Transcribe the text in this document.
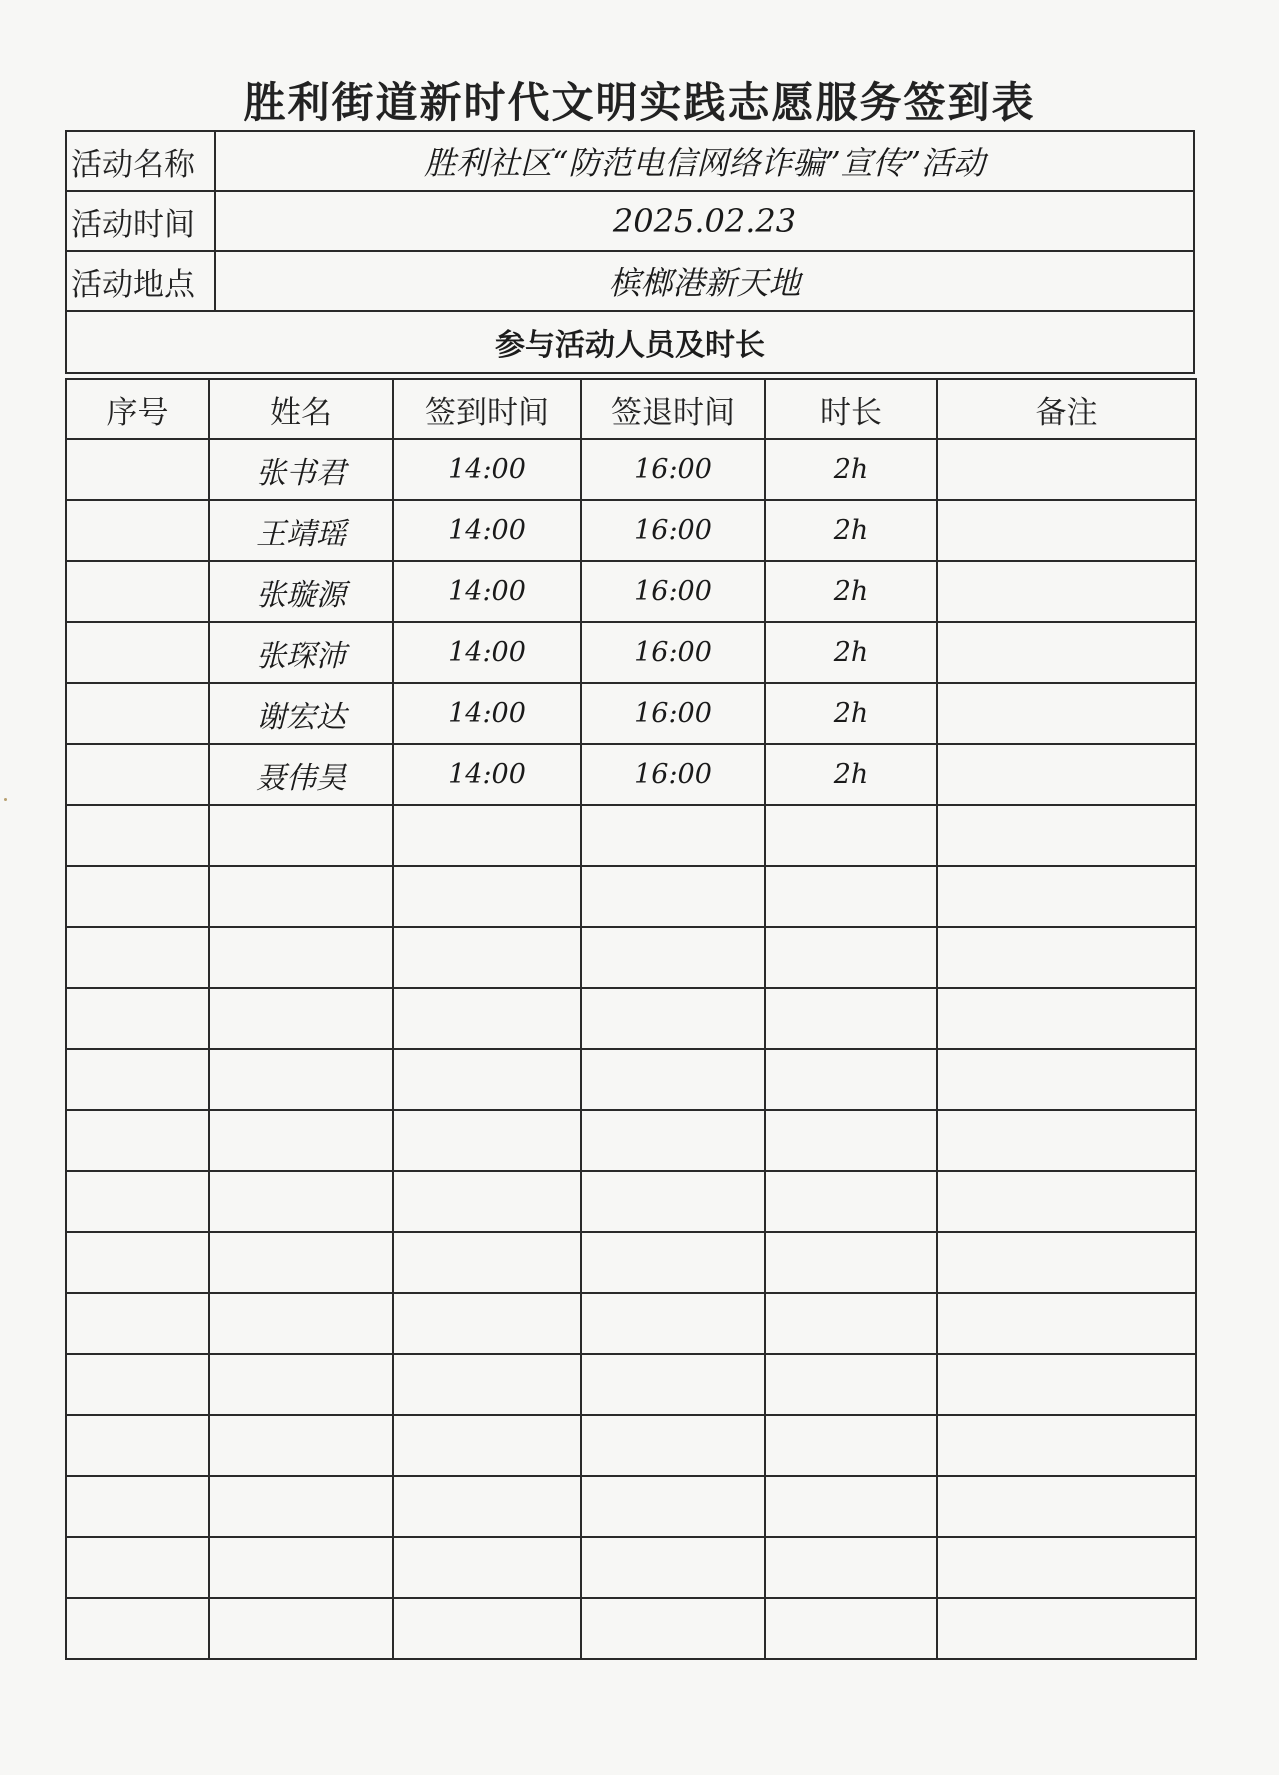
胜利街道新时代文明实践志愿服务签到表
活动名称	胜利社区“防范电信网络诈骗”宣传”活动
活动时间	2025.02.23
活动地点	槟榔港新天地
参与活动人员及时长	
序号	姓名	签到时间	签退时间	时长	备注
	张书君	14:00	16:00	2h	
	王靖瑶	14:00	16:00	2h	
	张璇源	14:00	16:00	2h	
	张琛沛	14:00	16:00	2h	
	谢宏达	14:00	16:00	2h	
	聂伟昊	14:00	16:00	2h	
